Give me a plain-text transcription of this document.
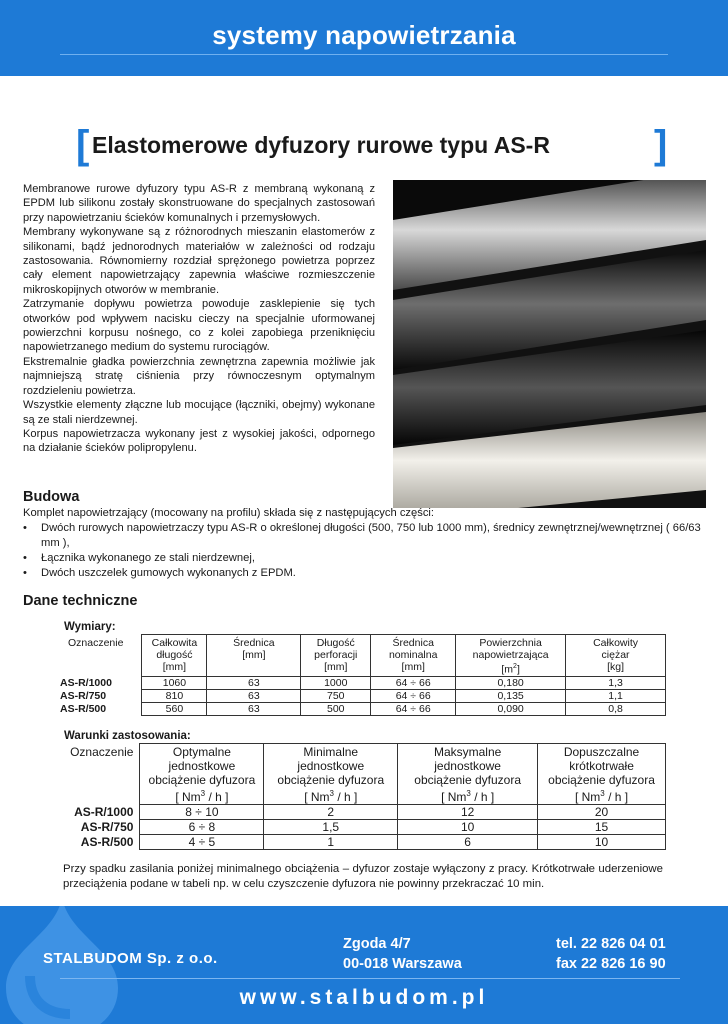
systemy napowietrzania
[ Elastomerowe dyfuzory rurowe typu AS-R	]

Membranowe rurowe dyfuzory typu AS-R z membraną wykonaną z EPDM lub silikonu zostały skonstruowane do specjalnych zastosowań przy napowietrzaniu ścieków komunalnych i przemysłowych.

Membrany wykonywane są z różnorodnych mieszanin elastomerów z silikonami, bądź jednorodnych materiałów w zależności od rodzaju zastosowania. Równomierny rozdział sprężonego powietrza poprzez cały element napowietrzający zapewnia właściwe rozmieszczenie mikroskopijnych otworów w membranie.

Zatrzymanie dopływu powietrza powoduje zasklepienie się tych otworków pod wpływem nacisku cieczy na specjalnie uformowanej powierzchni korpusu nośnego, co z kolei zapobiega przeniknięciu napowietrzanego medium do systemu rurociągów.

Ekstremalnie gładka powierzchnia zewnętrzna zapewnia możliwie jak najmniejszą stratę ciśnienia przy równoczesnym optymalnym rozdzieleniu powietrza.

Wszystkie elementy złączne lub mocujące (łączniki, obejmy) wykonane są ze stali nierdzewnej.

Korpus napowietrzacza wykonany jest z wysokiej jakości, odpornego na działanie ścieków polipropylenu.

Budowa
Komplet napowietrzający (mocowany na profilu) składa się z następujących części:
• Dwóch rurowych napowietrzaczy typu AS-R o określonej długości (500, 750 lub 1000 mm), średnicy zewnętrznej/wewnętrznej ( 66/63 mm ),
• Łącznika wykonanego ze stali nierdzewnej,
• Dwóch uszczelek gumowych wykonanych z EPDM.
Dane techniczne
Wymiary:
Oznaczenie	Całkowita
długość
[mm]	Średnica
[mm]	Długość
perforacji
[mm]	Średnica
nominalna
[mm]	Powierzchnia
napowietrzająca
$[m^2]$	Całkowity
ciężar
[kg]
AS-R/1000	1060	63	1000	64 ÷ 66	0,180	1,3
AS-R/750	810	63	750	64 ÷ 66	0,135	1,1
AS-R/500	560	63	500	64 ÷ 66	0,090	0,8
Warunki zastosowania:
Oznaczenie	Optymalne
jednostkowe
obciążenie dyfuzora
[ Nm$^3$ / h ]	Minimalne
jednostkowe
obciążenie dyfuzora
[ Nm$^3$ / h ]	Maksymalne
jednostkowe
obciążenie dyfuzora
[ Nm$^3$ / h ]	Dopuszczalne
krótkotrwałe
obciążenie dyfuzora
[ Nm$^3$ / h ]
AS-R/1000	8 ÷ 10	2	12	20
AS-R/750	6 ÷ 8	1,5	10	15
AS-R/500	4 ÷ 5	1	6	10
Przy spadku zasilania poniżej minimalnego obciążenia – dyfuzor zostaje wyłączony z pracy. Krótkotrwałe uderzeniowe przeciążenia podane w tabeli np. w celu czyszczenie dyfuzora nie powinny przekraczać 10 min.
STALBUDOM Sp. z o.o.
Zgoda 4/7
00-018 Warszawa
tel. 22 826 04 01
fax 22 826 16 90
www.stalbudom.pl
